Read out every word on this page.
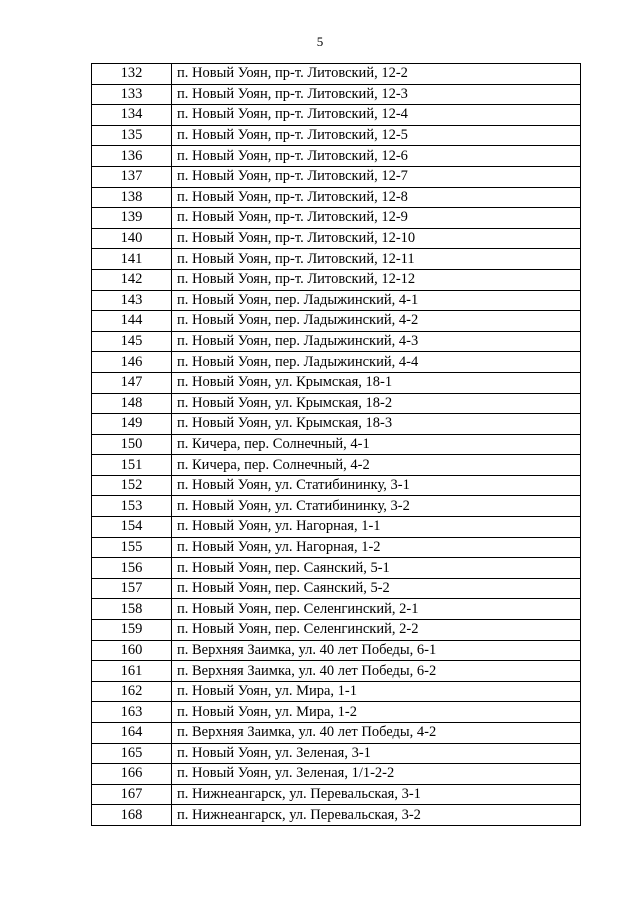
5
132	п. Новый Уоян, пр-т. Литовский, 12-2
133	п. Новый Уоян, пр-т. Литовский, 12-3
134	п. Новый Уоян, пр-т. Литовский, 12-4
135	п. Новый Уоян, пр-т. Литовский, 12-5
136	п. Новый Уоян, пр-т. Литовский, 12-6
137	п. Новый Уоян, пр-т. Литовский, 12-7
138	п. Новый Уоян, пр-т. Литовский, 12-8
139	п. Новый Уоян, пр-т. Литовский, 12-9
140	п. Новый Уоян, пр-т. Литовский, 12-10
141	п. Новый Уоян, пр-т. Литовский, 12-11
142	п. Новый Уоян, пр-т. Литовский, 12-12
143	п. Новый Уоян, пер. Ладыжинский, 4-1
144	п. Новый Уоян, пер. Ладыжинский, 4-2
145	п. Новый Уоян, пер. Ладыжинский, 4-3
146	п. Новый Уоян, пер. Ладыжинский, 4-4
147	п. Новый Уоян, ул. Крымская, 18-1
148	п. Новый Уоян, ул. Крымская, 18-2
149	п. Новый Уоян, ул. Крымская, 18-3
150	п. Кичера, пер. Солнечный, 4-1
151	п. Кичера, пер. Солнечный, 4-2
152	п. Новый Уоян, ул. Статибининку, 3-1
153	п. Новый Уоян, ул. Статибининку, 3-2
154	п. Новый Уоян, ул. Нагорная, 1-1
155	п. Новый Уоян, ул. Нагорная, 1-2
156	п. Новый Уоян, пер. Саянский, 5-1
157	п. Новый Уоян, пер. Саянский, 5-2
158	п. Новый Уоян, пер. Селенгинский, 2-1
159	п. Новый Уоян, пер. Селенгинский, 2-2
160	п. Верхняя Заимка, ул. 40 лет Победы, 6-1
161	п. Верхняя Заимка, ул. 40 лет Победы, 6-2
162	п. Новый Уоян, ул. Мира, 1-1
163	п. Новый Уоян, ул. Мира, 1-2
164	п. Верхняя Заимка, ул. 40 лет Победы, 4-2
165	п. Новый Уоян, ул. Зеленая, 3-1
166	п. Новый Уоян, ул. Зеленая, 1/1-2-2
167	п. Нижнеангарск, ул. Перевальская, 3-1
168	п. Нижнеангарск, ул. Перевальская, 3-2
